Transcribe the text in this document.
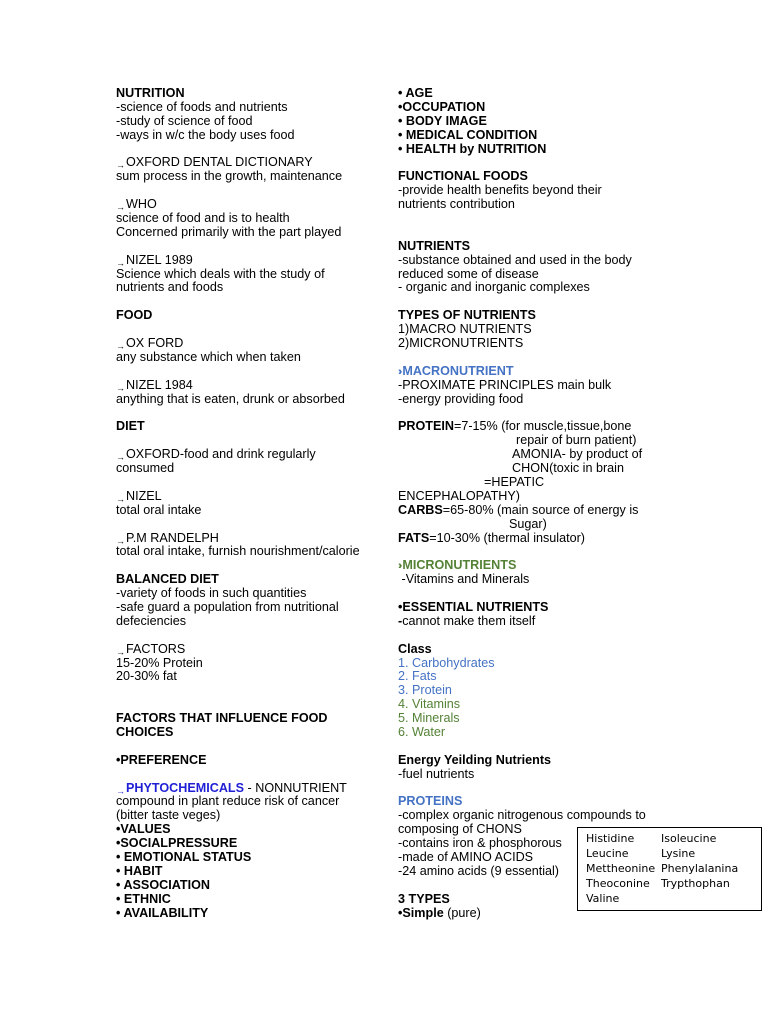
NUTRITION
-science of foods and nutrients
-study of science of food
-ways in w/c the body uses food
→OXFORD DENTAL DICTIONARY
sum process in the growth, maintenance
→WHO
science of food and is to health
Concerned primarily with the part played
→NIZEL 1989
Science which deals with the study of
nutrients and foods
FOOD
→OX FORD
any substance which when taken
→NIZEL 1984
anything that is eaten, drunk or absorbed
DIET
→OXFORD-food and drink regularly
consumed
→NIZEL
total oral intake
→P.M RANDELPH
total oral intake, furnish nourishment/calorie
BALANCED DIET
-variety of foods in such quantities
-safe guard a population from nutritional
defeciencies
→FACTORS
15-20% Protein
20-30% fat
FACTORS THAT INFLUENCE FOOD
CHOICES
•PREFERENCE
→PHYTOCHEMICALS - NONNUTRIENT
compound in plant reduce risk of cancer
(bitter taste veges)
•VALUES
•SOCIALPRESSURE
• EMOTIONAL STATUS
• HABIT
• ASSOCIATION
• ETHNIC
• AVAILABILITY
• AGE
•OCCUPATION
• BODY IMAGE
• MEDICAL CONDITION
• HEALTH by NUTRITION
FUNCTIONAL FOODS
-provide health benefits beyond their
nutrients contribution
NUTRIENTS
-substance obtained and used in the body
reduced some of disease
- organic and inorganic complexes
TYPES OF NUTRIENTS
1)MACRO NUTRIENTS
2)MICRONUTRIENTS
›› MACRONUTRIENT
-PROXIMATE PRINCIPLES main bulk
-energy providing food
PROTEIN=7-15% (for muscle,tissue,bone
repair of burn patient)
AMONIA- by product of
CHON(toxic in brain
=HEPATIC
ENCEPHALOPATHY)
CARBS=65-80% (main source of energy is
Sugar)
FATS=10-30% (thermal insulator)
›› MICRONUTRIENTS
-Vitamins and Minerals
•ESSENTIAL NUTRIENTS
-cannot make them itself
Class
1. Carbohydrates
2. Fats
3. Protein
4. Vitamins
5. Minerals
6. Water
Energy Yeilding Nutrients
-fuel nutrients
PROTEINS
-complex organic nitrogenous compounds to
composing of CHONS
-contains iron & phosphorous
-made of AMINO ACIDS
-24 amino acids (9 essential)
3 TYPES
•Simple (pure)
Histidine Isoleucine
Leucine	Lysine
Mettheonine Phenylalanina
Theoconine Trypthophan
Valine
